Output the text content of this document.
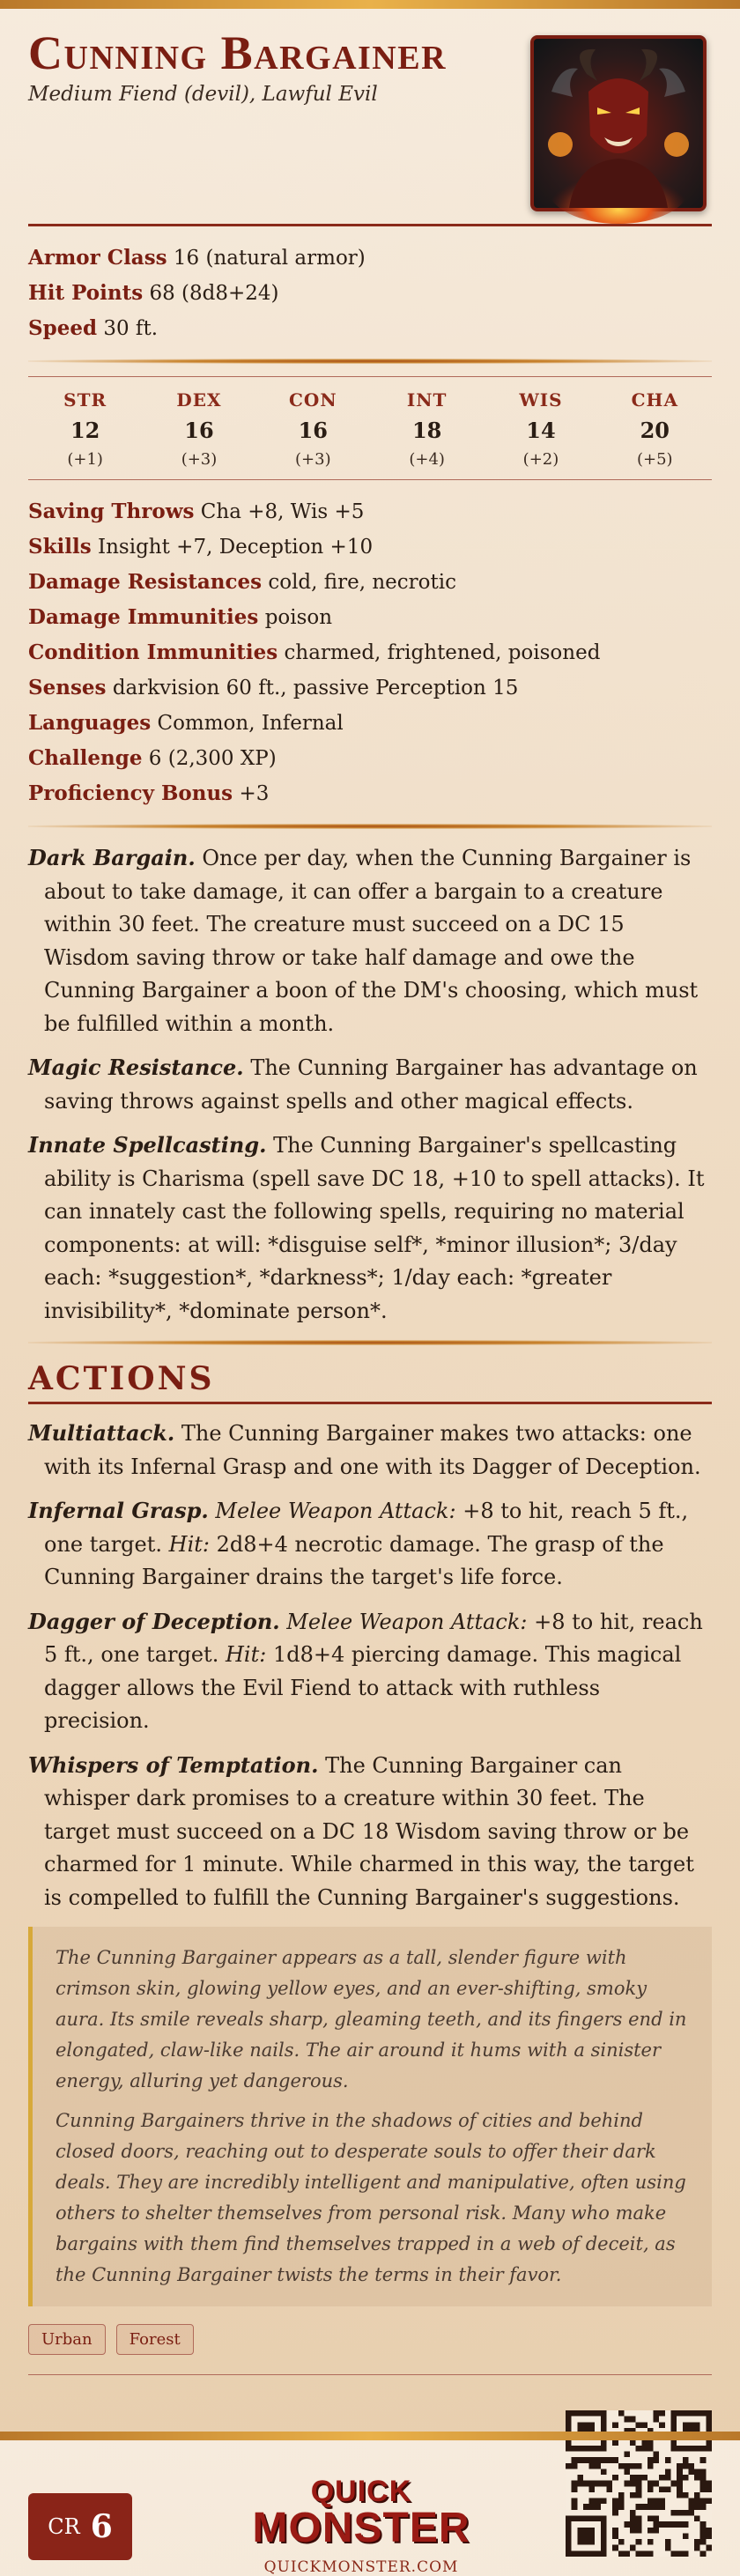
Cunning Bargainer
Medium Fiend (devil), Lawful Evil
Armor Class 16 (natural armor)
Hit Points 68 (8d8+24)
Speed 30 ft.
STR
12
(+1)
DEX
16
(+3)
CON
16
(+3)
INT
18
(+4)
WIS
14
(+2)
CHA
20
(+5)
Saving Throws Cha +8, Wis +5
Skills Insight +7, Deception +10
Damage Resistances cold, fire, necrotic
Damage Immunities poison
Condition Immunities charmed, frightened, poisoned
Senses darkvision 60 ft., passive Perception 15
Languages Common, Infernal
Challenge 6 (2,300 XP)
Proficiency Bonus +3
Dark Bargain. Once per day, when the Cunning Bargainer is about to take damage, it can offer a bargain to a creature within 30 feet. The creature must succeed on a DC 15 Wisdom saving throw or take half damage and owe the Cunning Bargainer a boon of the DM's choosing, which must be fulfilled within a month.
Magic Resistance. The Cunning Bargainer has advantage on saving throws against spells and other magical effects.
Innate Spellcasting. The Cunning Bargainer's spellcasting ability is Charisma (spell save DC 18, +10 to spell attacks). It can innately cast the following spells, requiring no material components: at will: *disguise self*, *minor illusion*; 3/day each: *suggestion*, *darkness*; 1/day each: *greater invisibility*, *dominate person*.
ACTIONS
Multiattack. The Cunning Bargainer makes two attacks: one with its Infernal Grasp and one with its Dagger of Deception.
Infernal Grasp. Melee Weapon Attack: +8 to hit, reach 5 ft., one target. Hit: 2d8+4 necrotic damage. The grasp of the Cunning Bargainer drains the target's life force.
Dagger of Deception. Melee Weapon Attack: +8 to hit, reach 5 ft., one target. Hit: 1d8+4 piercing damage. This magical dagger allows the Evil Fiend to attack with ruthless precision.
Whispers of Temptation. The Cunning Bargainer can whisper dark promises to a creature within 30 feet. The target must succeed on a DC 18 Wisdom saving throw or be charmed for 1 minute. While charmed in this way, the target is compelled to fulfill the Cunning Bargainer's suggestions.

The Cunning Bargainer appears as a tall, slender figure with crimson skin, glowing yellow eyes, and an ever-shifting, smoky aura. Its smile reveals sharp, gleaming teeth, and its fingers end in elongated, claw-like nails. The air around it hums with a sinister energy, alluring yet dangerous.

Cunning Bargainers thrive in the shadows of cities and behind closed doors, reaching out to desperate souls to offer their dark deals. They are incredibly intelligent and manipulative, often using others to shelter themselves from personal risk. Many who make bargains with them find themselves trapped in a web of deceit, as the Cunning Bargainer twists the terms in their favor.

Urban	Forest
CR 6
QUICK
MONSTER
QUICKMONSTER.COM
